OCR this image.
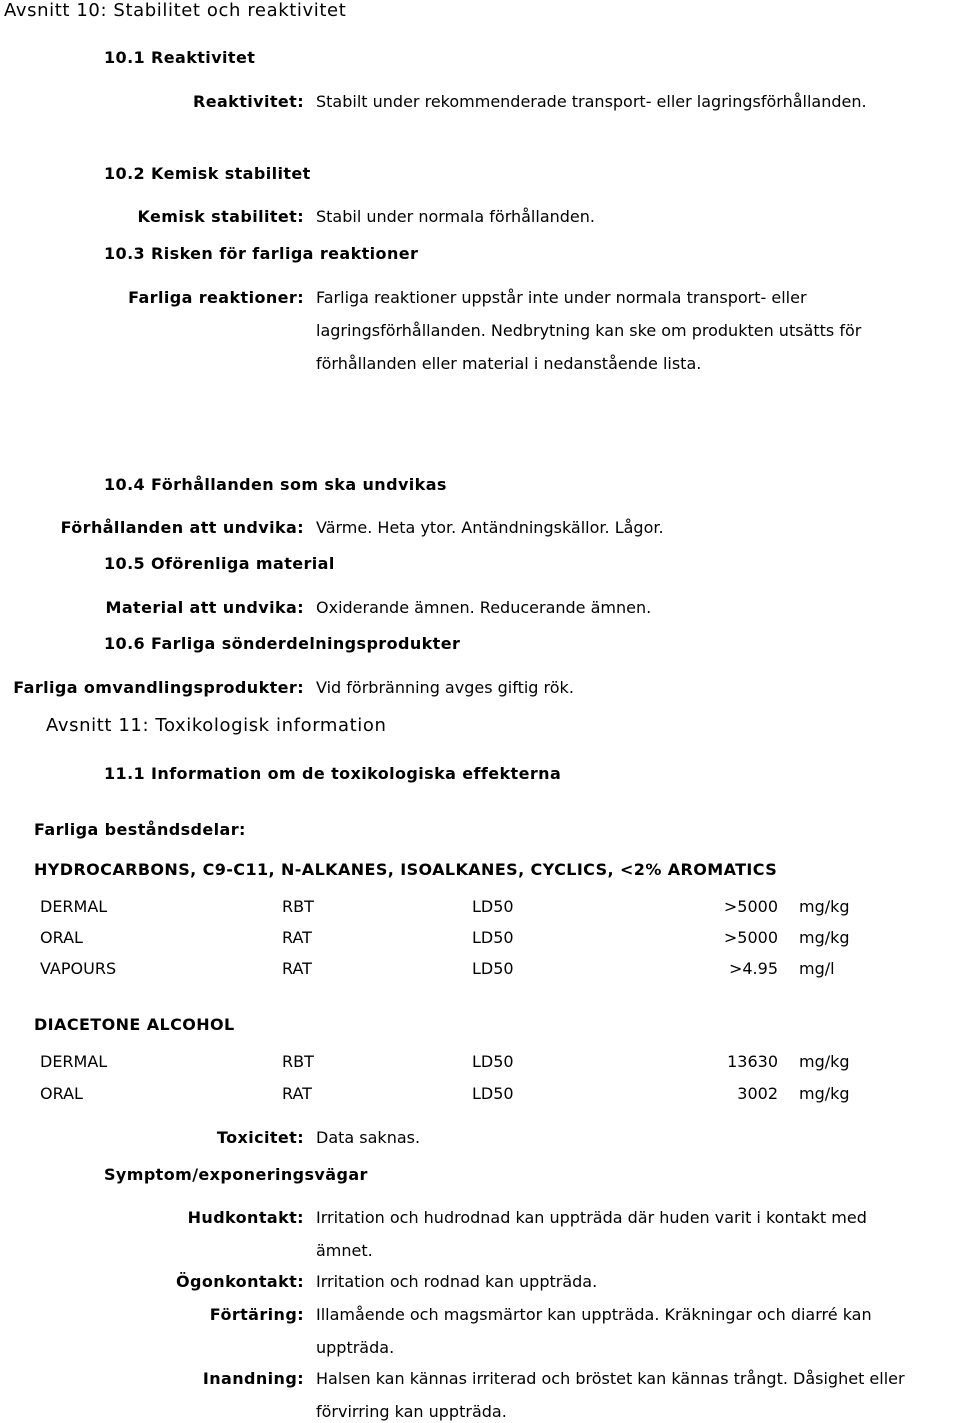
Avsnitt 10: Stabilitet och reaktivitet
10.1 Reaktivitet
Reaktivitet: Stabilt under rekommenderade transport- eller lagringsförhållanden.
10.2 Kemisk stabilitet
Kemisk stabilitet: Stabil under normala förhållanden.
10.3 Risken för farliga reaktioner
Farliga reaktioner: Farliga reaktioner uppstår inte under normala transport- eller
lagringsförhållanden. Nedbrytning kan ske om produkten utsätts för
förhållanden eller material i nedanstående lista.
10.4 Förhållanden som ska undvikas
Förhållanden att undvika: Värme. Heta ytor. Antändningskällor. Lågor.
10.5 Oförenliga material
Material att undvika: Oxiderande ämnen. Reducerande ämnen.
10.6 Farliga sönderdelningsprodukter
Farliga omvandlingsprodukter: Vid förbränning avges giftig rök.
Avsnitt 11: Toxikologisk information
11.1 Information om de toxikologiska effekterna
Farliga beståndsdelar:
HYDROCARBONS, C9-C11, N-ALKANES, ISOALKANES, CYCLICS, <2% AROMATICS
DERMAL	RBT	LD50	>5000 mg/kg
ORAL	RAT	LD50	>5000 mg/kg
VAPOURS	RAT	LD50	>4.95 mg/l
DIACETONE ALCOHOL
DERMAL	RBT	LD50	13630 mg/kg
ORAL	RAT	LD50	3002 mg/kg
Toxicitet: Data saknas.
Symptom/exponeringsvägar
Hudkontakt: Irritation och hudrodnad kan uppträda där huden varit i kontakt med
ämnet.
Ögonkontakt: Irritation och rodnad kan uppträda.
Förtäring: Illamående och magsmärtor kan uppträda. Kräkningar och diarré kan
uppträda.
Inandning: Halsen kan kännas irriterad och bröstet kan kännas trångt. Dåsighet eller
förvirring kan uppträda.
